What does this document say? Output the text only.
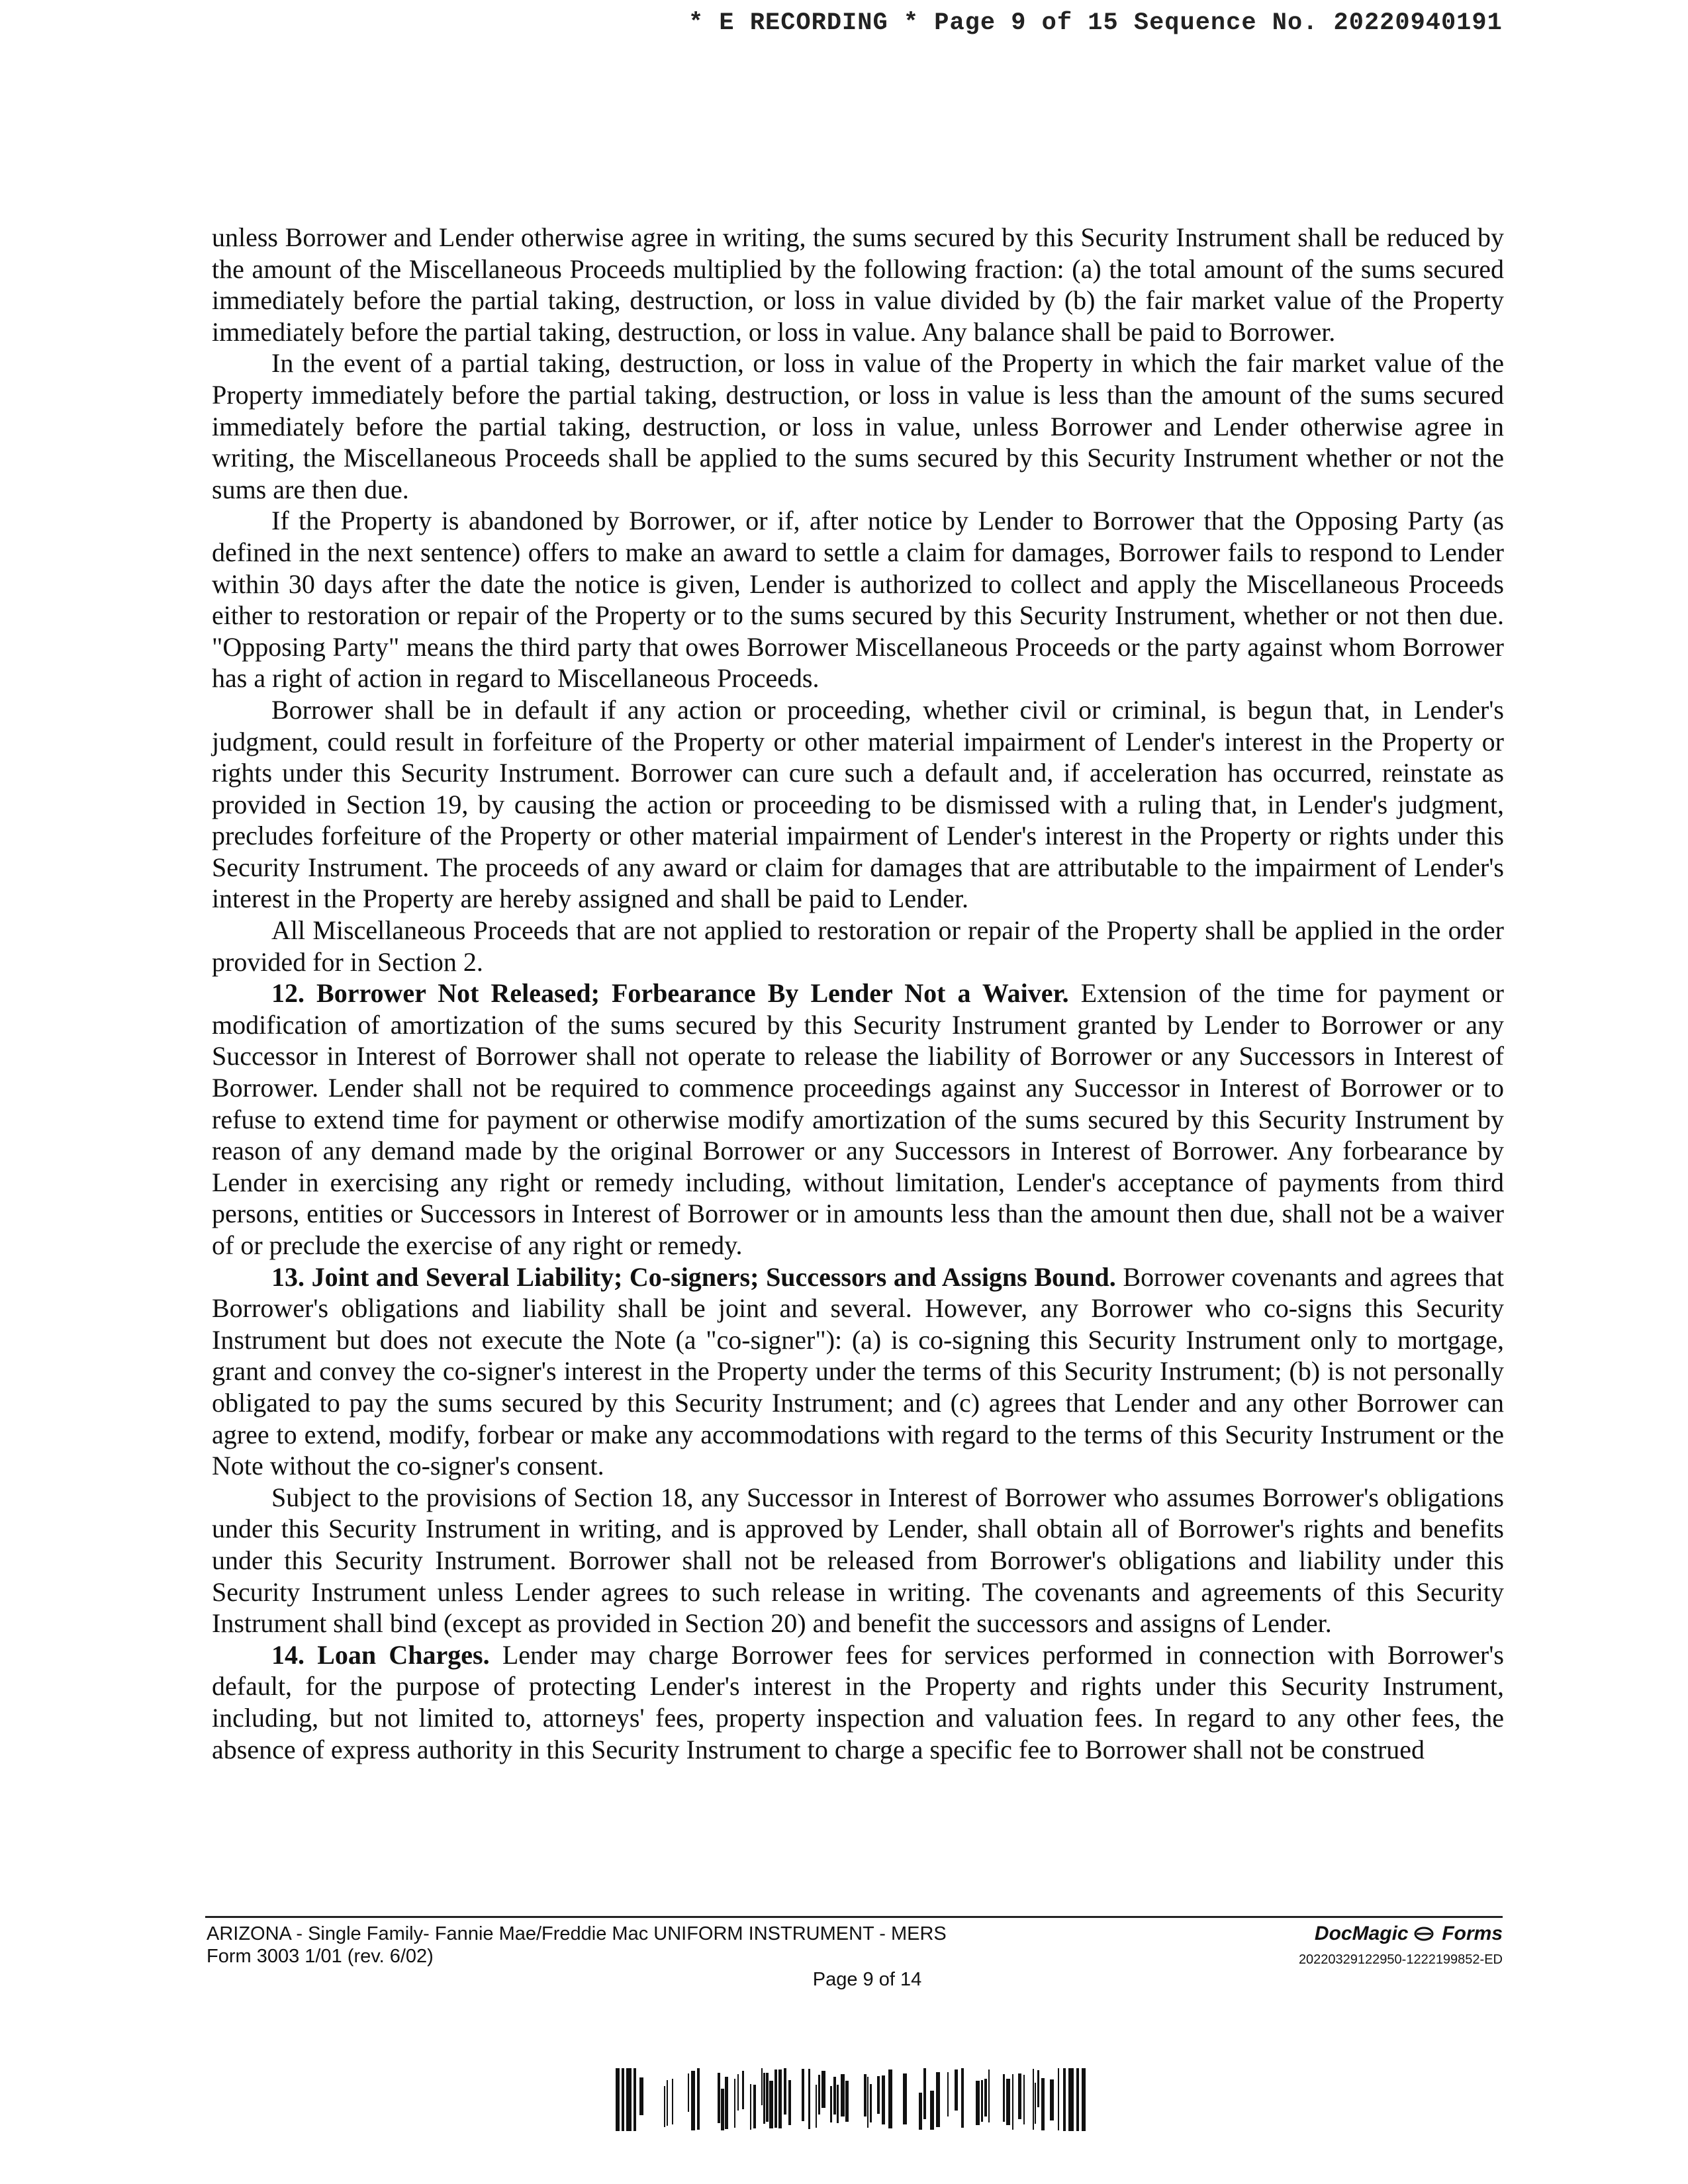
* E RECORDING * Page 9 of 15 Sequence No. 20220940191

unless Borrower and Lender otherwise agree in writing, the sums secured by this Security Instrument shall be reduced by the amount of the Miscellaneous Proceeds multiplied by the following fraction: (a) the total amount of the sums secured immediately before the partial taking, destruction, or loss in value divided by (b) the fair market value of the Property immediately before the partial taking, destruction, or loss in value. Any balance shall be paid to Borrower.

In the event of a partial taking, destruction, or loss in value of the Property in which the fair market value of the Property immediately before the partial taking, destruction, or loss in value is less than the amount of the sums secured immediately before the partial taking, destruction, or loss in value, unless Borrower and Lender otherwise agree in writing, the Miscellaneous Proceeds shall be applied to the sums secured by this Security Instrument whether or not the sums are then due.

If the Property is abandoned by Borrower, or if, after notice by Lender to Borrower that the Opposing Party (as defined in the next sentence) offers to make an award to settle a claim for damages, Borrower fails to respond to Lender within 30 days after the date the notice is given, Lender is authorized to collect and apply the Miscellaneous Proceeds either to restoration or repair of the Property or to the sums secured by this Security Instrument, whether or not then due. "Opposing Party" means the third party that owes Borrower Miscellaneous Proceeds or the party against whom Borrower has a right of action in regard to Miscellaneous Proceeds.

Borrower shall be in default if any action or proceeding, whether civil or criminal, is begun that, in Lender's judgment, could result in forfeiture of the Property or other material impairment of Lender's interest in the Property or rights under this Security Instrument. Borrower can cure such a default and, if acceleration has occurred, reinstate as provided in Section 19, by causing the action or proceeding to be dismissed with a ruling that, in Lender's judgment, precludes forfeiture of the Property or other material impairment of Lender's interest in the Property or rights under this Security Instrument. The proceeds of any award or claim for damages that are attributable to the impairment of Lender's interest in the Property are hereby assigned and shall be paid to Lender.

All Miscellaneous Proceeds that are not applied to restoration or repair of the Property shall be applied in the order provided for in Section 2.

12. Borrower Not Released; Forbearance By Lender Not a Waiver. Extension of the time for payment or modification of amortization of the sums secured by this Security Instrument granted by Lender to Borrower or any Successor in Interest of Borrower shall not operate to release the liability of Borrower or any Successors in Interest of Borrower. Lender shall not be required to commence proceedings against any Successor in Interest of Borrower or to refuse to extend time for payment or otherwise modify amortization of the sums secured by this Security Instrument by reason of any demand made by the original Borrower or any Successors in Interest of Borrower. Any forbearance by Lender in exercising any right or remedy including, without limitation, Lender's acceptance of payments from third persons, entities or Successors in Interest of Borrower or in amounts less than the amount then due, shall not be a waiver of or preclude the exercise of any right or remedy.

13. Joint and Several Liability; Co-signers; Successors and Assigns Bound. Borrower covenants and agrees that Borrower's obligations and liability shall be joint and several. However, any Borrower who co-signs this Security Instrument but does not execute the Note (a "co-signer"): (a) is co-signing this Security Instrument only to mortgage, grant and convey the co-signer's interest in the Property under the terms of this Security Instrument; (b) is not personally obligated to pay the sums secured by this Security Instrument; and (c) agrees that Lender and any other Borrower can agree to extend, modify, forbear or make any accommodations with regard to the terms of this Security Instrument or the Note without the co-signer's consent.

Subject to the provisions of Section 18, any Successor in Interest of Borrower who assumes Borrower's obligations under this Security Instrument in writing, and is approved by Lender, shall obtain all of Borrower's rights and benefits under this Security Instrument. Borrower shall not be released from Borrower's obligations and liability under this Security Instrument unless Lender agrees to such release in writing. The covenants and agreements of this Security Instrument shall bind (except as provided in Section 20) and benefit the successors and assigns of Lender.

14. Loan Charges. Lender may charge Borrower fees for services performed in connection with Borrower's default, for the purpose of protecting Lender's interest in the Property and rights under this Security Instrument, including, but not limited to, attorneys' fees, property inspection and valuation fees. In regard to any other fees, the absence of express authority in this Security Instrument to charge a specific fee to Borrower shall not be construed

ARIZONA - Single Family- Fannie Mae/Freddie Mac UNIFORM INSTRUMENT - MERS
Form 3003 1/01 (rev. 6/02)
Page 9 of 14
DocMagic Forms
20220329122950-1222199852-ED
